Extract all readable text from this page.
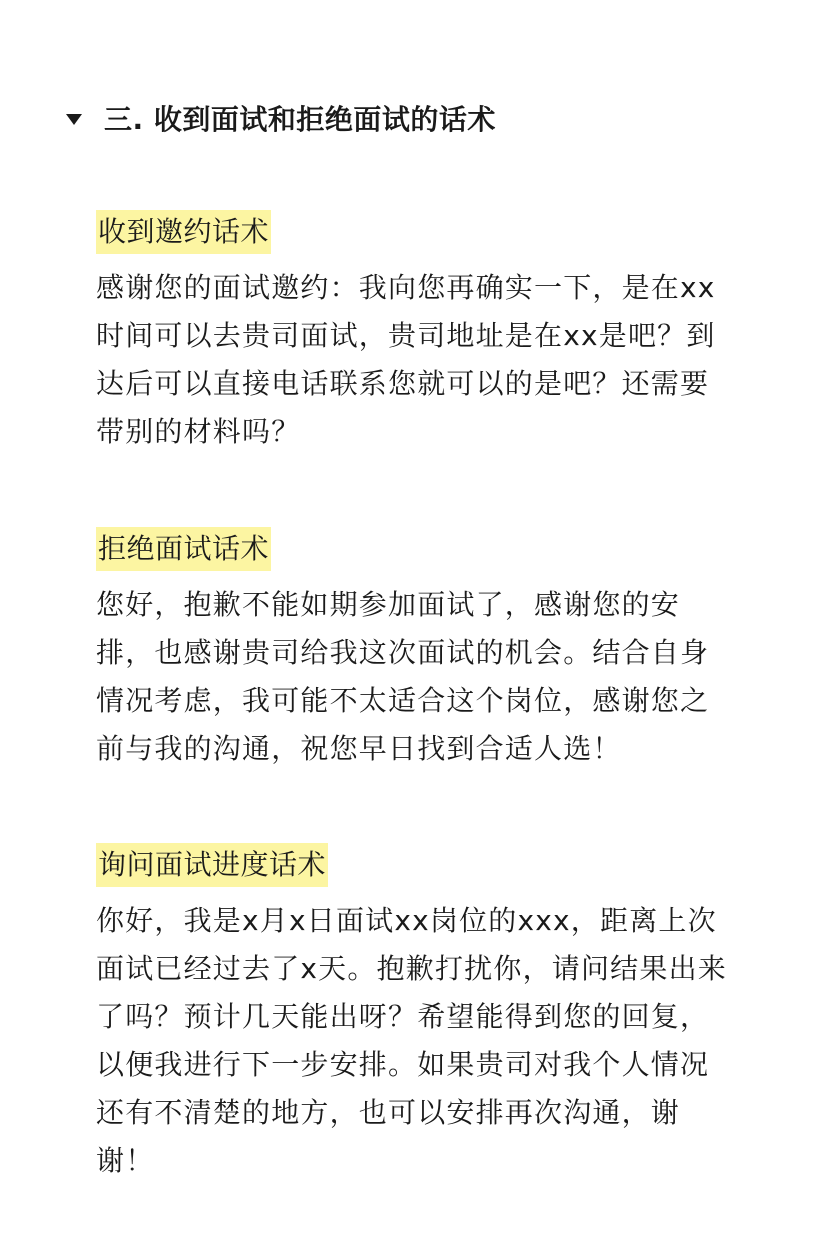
三. 收到面试和拒绝面试的话术
收到邀约话术
感谢您的面试邀约：我向您再确实一下，是在xx时间可以去贵司面试，贵司地址是在xx是吧？到达后可以直接电话联系您就可以的是吧？还需要带别的材料吗？
拒绝面试话术
您好，抱歉不能如期参加面试了，感谢您的安排，也感谢贵司给我这次面试的机会。结合自身情况考虑，我可能不太适合这个岗位，感谢您之前与我的沟通，祝您早日找到合适人选！
询问面试进度话术
你好，我是x月x日面试xx岗位的xxx，距离上次面试已经过去了x天。抱歉打扰你，请问结果出来了吗？预计几天能出呀？希望能得到您的回复，以便我进行下一步安排。如果贵司对我个人情况还有不清楚的地方，也可以安排再次沟通，谢谢！
